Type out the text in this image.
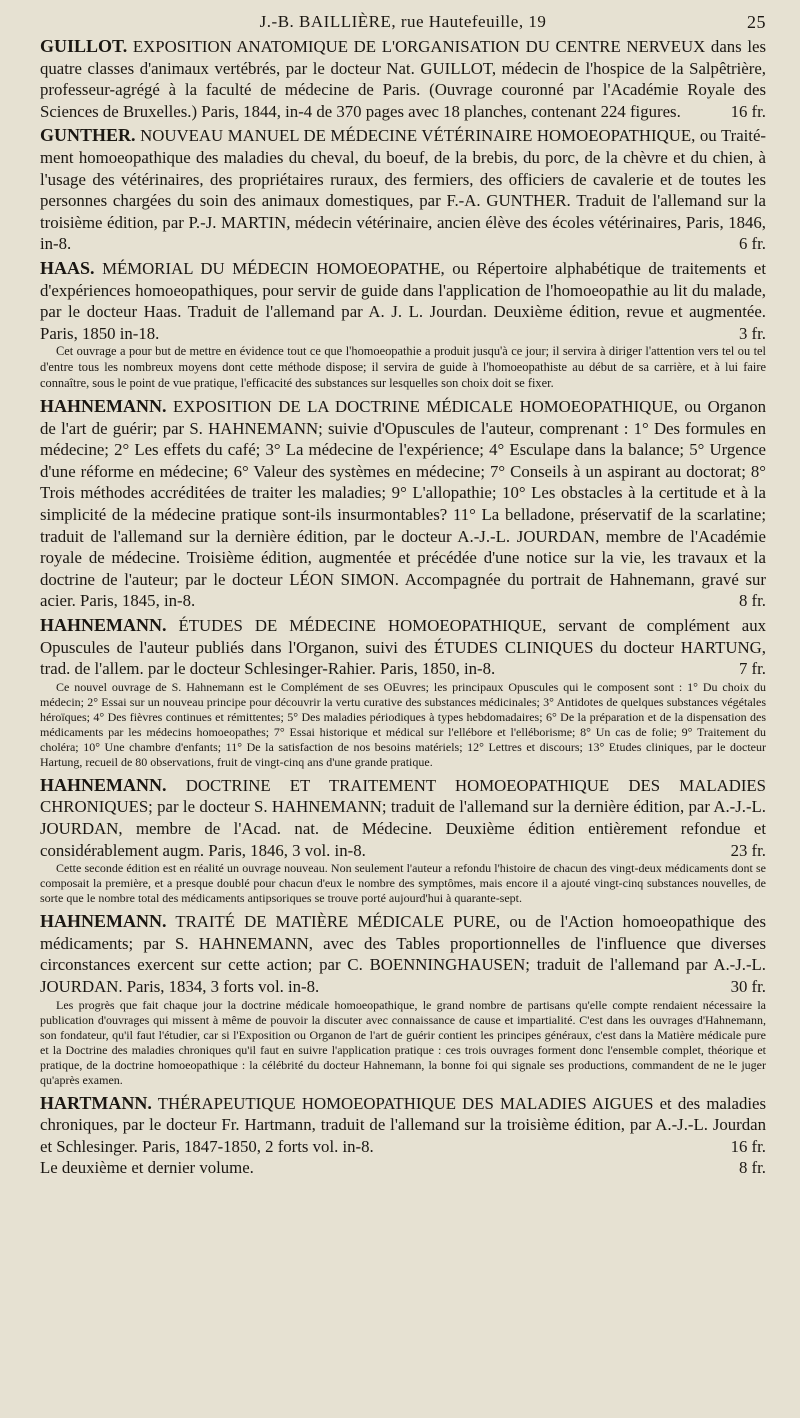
J.-B. BAILLIÈRE, rue Hautefeuille, 19	25

GUILLOT. EXPOSITION ANATOMIQUE DE L'ORGANISATION DU CENTRE NERVEUX dans les quatre classes d'animaux vertébrés, par le docteur Nat. GUILLOT, médecin de l'hospice de la Salpêtrière, professeur-agrégé à la faculté de médecine de Paris. (Ouvrage couronné par l'Académie Royale des Sciences de Bruxelles.) Paris, 1844, in-4 de 370 pages avec 18 planches, contenant 224 figures.	16 fr.

GUNTHER. NOUVEAU MANUEL DE MÉDECINE VÉTÉRINAIRE HOMOEOPATHIQUE, ou Traité-ment homoeopathique des maladies du cheval, du boeuf, de la brebis, du porc, de la chèvre et du chien, à l'usage des vétérinaires, des propriétaires ruraux, des fermiers, des officiers de cavalerie et de toutes les personnes chargées du soin des animaux domestiques, par F.-A. GUNTHER. Traduit de l'allemand sur la troisième édition, par P.-J. MARTIN, médecin vétérinaire, ancien élève des écoles vétérinaires, Paris, 1846, in-8.	6 fr.

HAAS. MÉMORIAL DU MÉDECIN HOMOEOPATHE, ou Répertoire alphabétique de traitements et d'expériences homoeopathiques, pour servir de guide dans l'application de l'homoeopathie au lit du malade, par le docteur Haas. Traduit de l'allemand par A. J. L. Jourdan. Deuxième édition, revue et augmentée. Paris, 1850 in-18.	3 fr.

Cet ouvrage a pour but de mettre en évidence tout ce que l'homoeopathie a produit jusqu'à ce jour; il servira à diriger l'attention vers tel ou tel d'entre tous les nombreux moyens dont cette méthode dispose; il servira de guide à l'homoeopathiste au début de sa carrière, et à lui faire connaître, sous le point de vue pratique, l'efficacité des substances sur lesquelles son choix doit se fixer.

HAHNEMANN. EXPOSITION DE LA DOCTRINE MÉDICALE HOMOEOPATHIQUE, ou Organon de l'art de guérir; par S. HAHNEMANN; suivie d'Opuscules de l'auteur, comprenant : 1° Des formules en médecine; 2° Les effets du café; 3° La médecine de l'expérience; 4° Esculape dans la balance; 5° Urgence d'une réforme en médecine; 6° Valeur des systèmes en médecine; 7° Conseils à un aspirant au doctorat; 8° Trois méthodes accréditées de traiter les maladies; 9° L'allopathie; 10° Les obstacles à la certitude et à la simplicité de la médecine pratique sont-ils insurmontables? 11° La belladone, préservatif de la scarlatine; traduit de l'allemand sur la dernière édition, par le docteur A.-J.-L. JOURDAN, membre de l'Académie royale de médecine. Troisième édition, augmentée et précédée d'une notice sur la vie, les travaux et la doctrine de l'auteur; par le docteur LÉON SIMON. Accompagnée du portrait de Hahnemann, gravé sur acier. Paris, 1845, in-8.	8 fr.

HAHNEMANN. ÉTUDES DE MÉDECINE HOMOEOPATHIQUE, servant de complément aux Opuscules de l'auteur publiés dans l'Organon, suivi des ÉTUDES CLINIQUES du docteur HARTUNG, trad. de l'allem. par le docteur Schlesinger-Rahier. Paris, 1850, in-8.	7 fr.

Ce nouvel ouvrage de S. Hahnemann est le Complément de ses OEuvres; les principaux Opuscules qui le composent sont : 1° Du choix du médecin; 2° Essai sur un nouveau principe pour découvrir la vertu curative des substances médicinales; 3° Antidotes de quelques substances végétales héroïques; 4° Des fièvres continues et rémittentes; 5° Des maladies périodiques à types hebdomadaires; 6° De la préparation et de la dispensation des médicaments par les médecins homoeopathes; 7° Essai historique et médical sur l'ellébore et l'elléborisme; 8° Un cas de folie; 9° Traitement du choléra; 10° Une chambre d'enfants; 11° De la satisfaction de nos besoins matériels; 12° Lettres et discours; 13° Etudes cliniques, par le docteur Hartung, recueil de 80 observations, fruit de vingt-cinq ans d'une grande pratique.

HAHNEMANN. DOCTRINE ET TRAITEMENT HOMOEOPATHIQUE DES MALADIES CHRONIQUES; par le docteur S. HAHNEMANN; traduit de l'allemand sur la dernière édition, par A.-J.-L. JOURDAN, membre de l'Acad. nat. de Médecine. Deuxième édition entièrement refondue et considérablement augm. Paris, 1846, 3 vol. in-8.	23 fr.

Cette seconde édition est en réalité un ouvrage nouveau. Non seulement l'auteur a refondu l'histoire de chacun des vingt-deux médicaments dont se composait la première, et a presque doublé pour chacun d'eux le nombre des symptômes, mais encore il a ajouté vingt-cinq substances nouvelles, de sorte que le nombre total des médicaments antipsoriques se trouve porté aujourd'hui à quarante-sept.

HAHNEMANN. TRAITÉ DE MATIÈRE MÉDICALE PURE, ou de l'Action homoeopathique des médicaments; par S. HAHNEMANN, avec des Tables proportionnelles de l'influence que diverses circonstances exercent sur cette action; par C. BOENNINGHAUSEN; traduit de l'allemand par A.-J.-L. JOURDAN. Paris, 1834, 3 forts vol. in-8.	30 fr.

Les progrès que fait chaque jour la doctrine médicale homoeopathique, le grand nombre de partisans qu'elle compte rendaient nécessaire la publication d'ouvrages qui missent à même de pouvoir la discuter avec connaissance de cause et impartialité. C'est dans les ouvrages d'Hahnemann, son fondateur, qu'il faut l'étudier, car si l'Exposition ou Organon de l'art de guérir contient les principes généraux, c'est dans la Matière médicale pure et la Doctrine des maladies chroniques qu'il faut en suivre l'application pratique : ces trois ouvrages forment donc l'ensemble complet, théorique et pratique, de la doctrine homoeopathique : la célébrité du docteur Hahnemann, la bonne foi qui signale ses productions, commandent de ne le juger qu'après examen.

HARTMANN. THÉRAPEUTIQUE HOMOEOPATHIQUE DES MALADIES AIGUES et des maladies chroniques, par le docteur Fr. Hartmann, traduit de l'allemand sur la troisième édition, par A.-J.-L. Jourdan et Schlesinger. Paris, 1847-1850, 2 forts vol. in-8.	16 fr.

Le deuxième et dernier volume.	8 fr.
